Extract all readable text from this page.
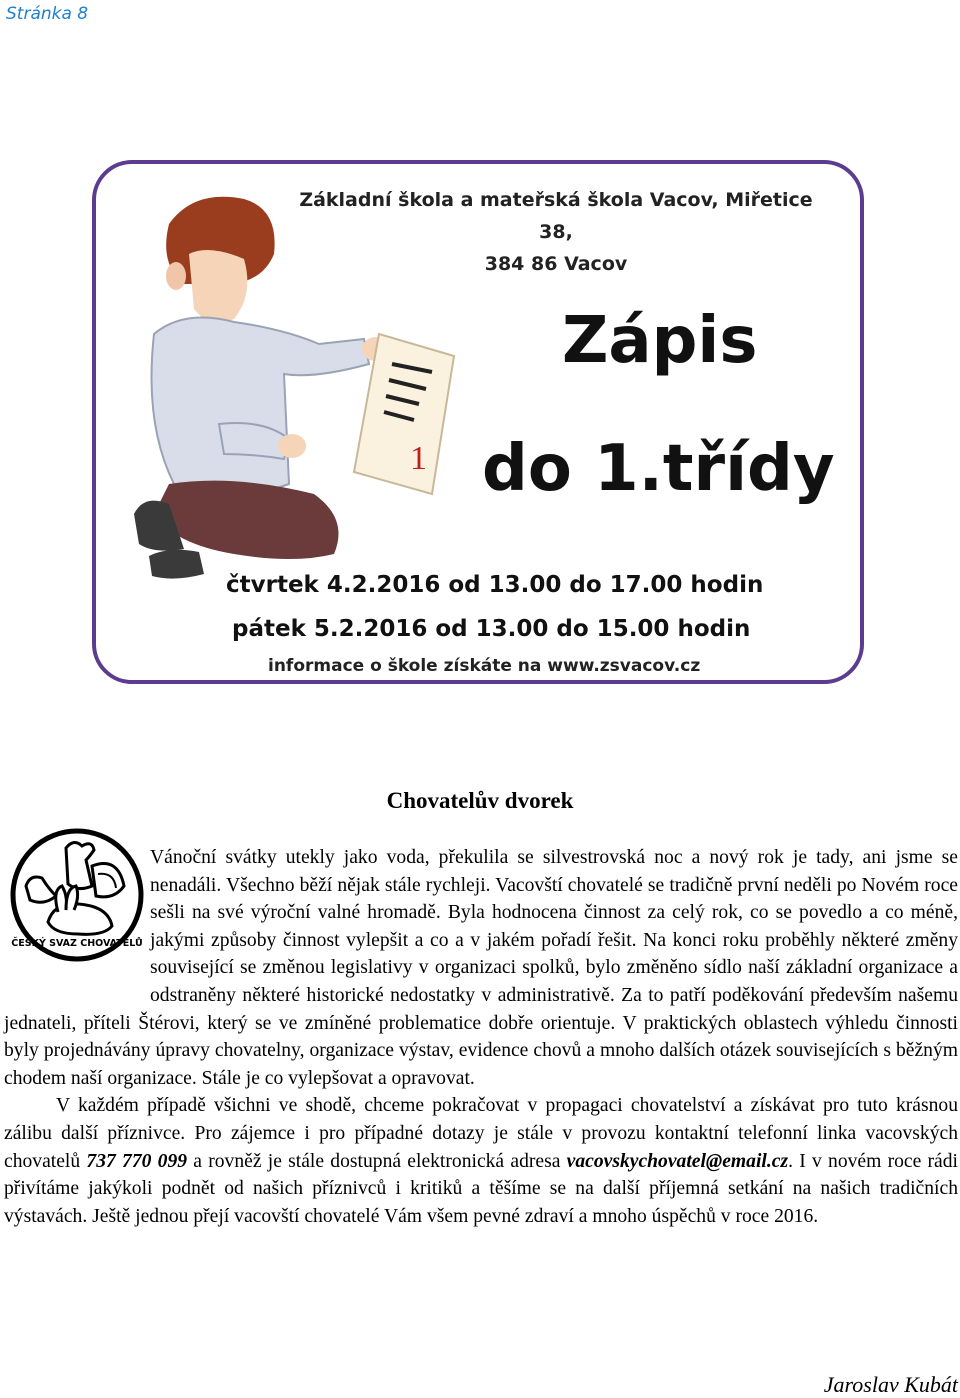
Stránka 8
1
Základní škola a mateřská škola Vacov, Miřetice 38,
384 86 Vacov
Zápis
do 1.třídy
čtvrtek 4.2.2016 od 13.00 do 17.00 hodin
pátek 5.2.2016 od 13.00 do 15.00 hodin
informace o škole získáte na www.zsvacov.cz
Chovatelův dvorek
ČESKÝ SVAZ CHOVATELŮ

Vánoční svátky utekly jako voda, překulila se silvestrovská noc a nový rok je tady, ani jsme se nenadáli. Všechno běží nějak stále rychleji. Vacovští chovatelé se tradičně první neděli po Novém roce sešli na své výroční valné hromadě. Byla hodnocena činnost za celý rok, co se povedlo a co méně, jakými způsoby činnost vylepšit a co a v jakém pořadí řešit. Na konci roku proběhly některé změny související se změnou legislativy v organizaci spolků, bylo změněno sídlo naší základní organizace a odstraněny některé historické nedostatky v administrativě. Za to patří poděkování především našemu jednateli, příteli Štérovi, který se ve zmíněné problematice dobře orientuje. V praktických oblastech výhledu činnosti byly projednávány úpravy chovatelny, organizace výstav, evidence chovů a mnoho dalších otázek souvisejících s běžným chodem naší organizace. Stále je co vylepšovat a opravovat.

V každém případě všichni ve shodě, chceme pokračovat v propagaci chovatelství a získávat pro tuto krásnou zálibu další příznivce. Pro zájemce i pro případné dotazy je stále v provozu kontaktní telefonní linka vacovských chovatelů 737 770 099 a rovněž je stále dostupná elektronická adresa vacovskychovatel@email.cz. I v novém roce rádi přivítáme jakýkoli podnět od našich příznivců i kritiků a těšíme se na další příjemná setkání na našich tradičních výstavách. Ještě jednou přejí vacovští chovatelé Vám všem pevné zdraví a mnoho úspěchů v roce 2016.

Jaroslav Kubát
